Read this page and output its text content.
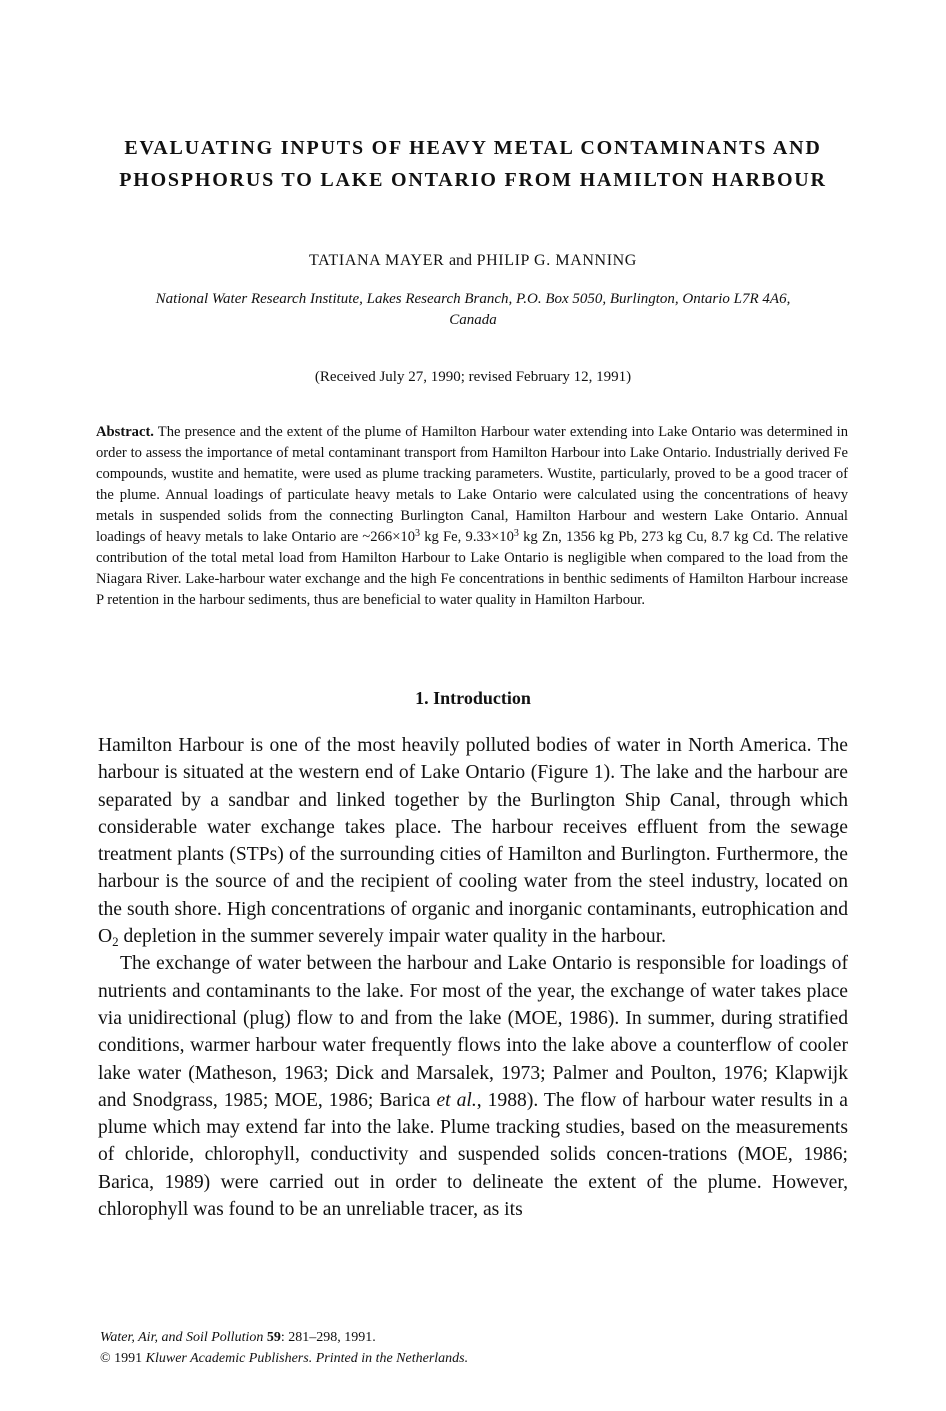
EVALUATING INPUTS OF HEAVY METAL CONTAMINANTS AND
PHOSPHORUS TO LAKE ONTARIO FROM HAMILTON HARBOUR
TATIANA MAYER and PHILIP G. MANNING
National Water Research Institute, Lakes Research Branch, P.O. Box 5050, Burlington, Ontario L7R 4A6,
Canada
(Received July 27, 1990; revised February 12, 1991)
Abstract. The presence and the extent of the plume of Hamilton Harbour water extending into Lake Ontario was determined in order to assess the importance of metal contaminant transport from Hamilton Harbour into Lake Ontario. Industrially derived Fe compounds, wustite and hematite, were used as plume tracking parameters. Wustite, particularly, proved to be a good tracer of the plume. Annual loadings of particulate heavy metals to Lake Ontario were calculated using the concentrations of heavy metals in suspended solids from the connecting Burlington Canal, Hamilton Harbour and western Lake Ontario. Annual loadings of heavy metals to lake Ontario are $\sim 266\times 10^3$ kg Fe, $9.33\times 10^3$ kg Zn, 1356 kg Pb, 273 kg Cu, 8.7 kg Cd. The relative contribution of the total metal load from Hamilton Harbour to Lake Ontario is negligible when compared to the load from the Niagara River. Lake-harbour water exchange and the high Fe concentrations in benthic sediments of Hamilton Harbour increase P retention in the harbour sediments, thus are beneficial to water quality in Hamilton Harbour.
1. Introduction

Hamilton Harbour is one of the most heavily polluted bodies of water in North America. The harbour is situated at the western end of Lake Ontario (Figure 1). The lake and the harbour are separated by a sandbar and linked together by the Burlington Ship Canal, through which considerable water exchange takes place. The harbour receives effluent from the sewage treatment plants (STPs) of the surrounding cities of Hamilton and Burlington. Furthermore, the harbour is the source of and the recipient of cooling water from the steel industry, located on the south shore. High concentrations of organic and inorganic contaminants, eutrophication and $O_2$ depletion in the summer severely impair water quality in the harbour.

The exchange of water between the harbour and Lake Ontario is responsible for loadings of nutrients and contaminants to the lake. For most of the year, the exchange of water takes place via unidirectional (plug) flow to and from the lake (MOE, 1986). In summer, during stratified conditions, warmer harbour water frequently flows into the lake above a counterflow of cooler lake water (Matheson, 1963; Dick and Marsalek, 1973; Palmer and Poulton, 1976; Klapwijk and Snodgrass, 1985; MOE, 1986; Barica et al., 1988). The flow of harbour water results in a plume which may extend far into the lake. Plume tracking studies, based on the measurements of chloride, chlorophyll, conductivity and suspended solids concen-trations (MOE, 1986; Barica, 1989) were carried out in order to delineate the extent of the plume. However, chlorophyll was found to be an unreliable tracer, as its

Water, Air, and Soil Pollution 59: 281–298, 1991.
© 1991 Kluwer Academic Publishers. Printed in the Netherlands.
